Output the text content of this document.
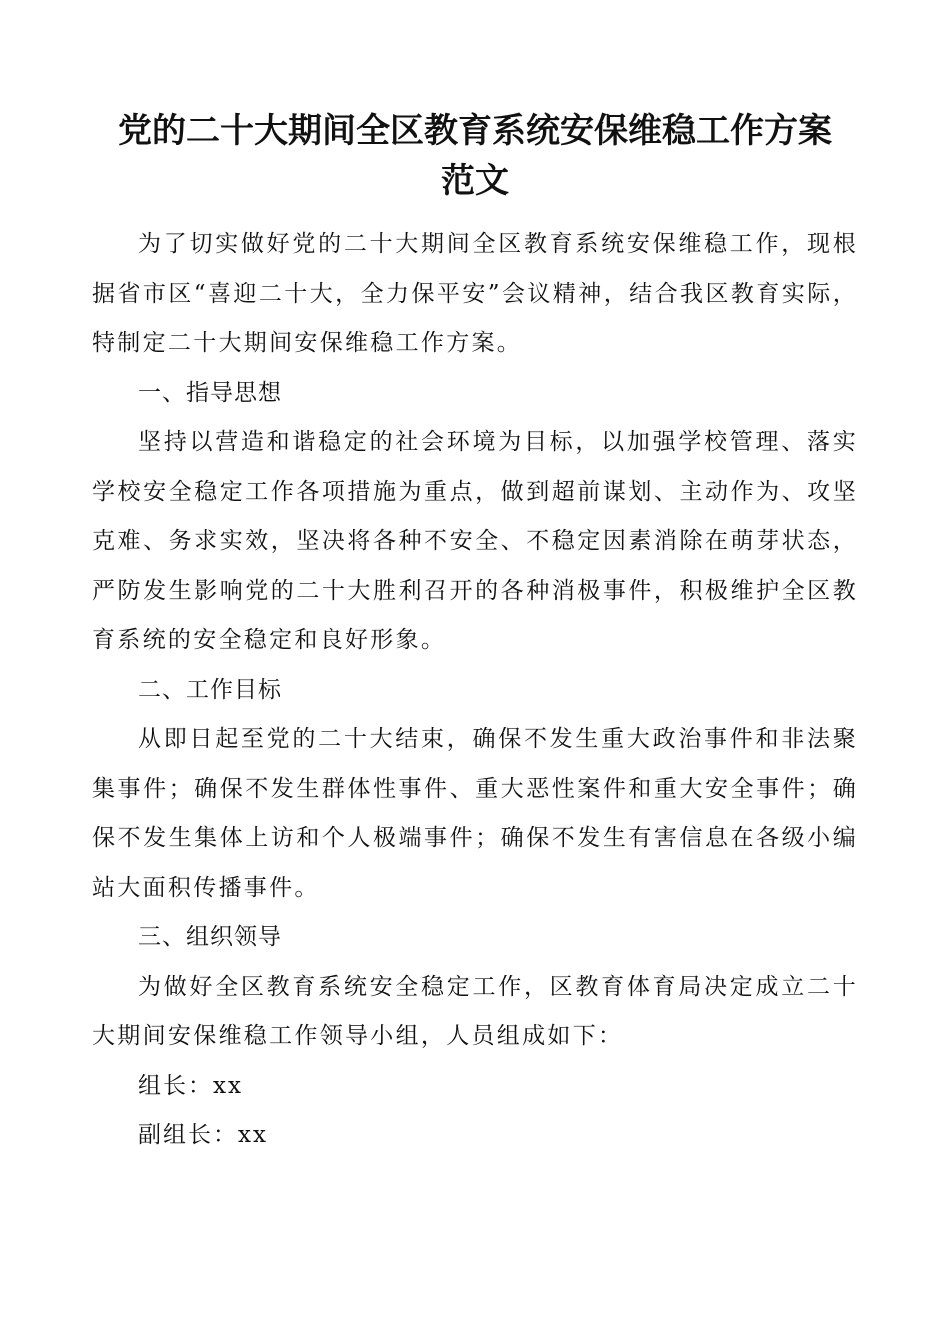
党的二十大期间全区教育系统安保维稳工作方案
范文

为了切实做好党的二十大期间全区教育系统安保维稳工作，现根据省市区“喜迎二十大，全力保平安”会议精神，结合我区教育实际，特制定二十大期间安保维稳工作方案。

一、指导思想

坚持以营造和谐稳定的社会环境为目标，以加强学校管理、落实学校安全稳定工作各项措施为重点，做到超前谋划、主动作为、攻坚克难、务求实效，坚决将各种不安全、不稳定因素消除在萌芽状态，严防发生影响党的二十大胜利召开的各种消极事件，积极维护全区教育系统的安全稳定和良好形象。

二、工作目标

从即日起至党的二十大结束，确保不发生重大政治事件和非法聚集事件；确保不发生群体性事件、重大恶性案件和重大安全事件；确保不发生集体上访和个人极端事件；确保不发生有害信息在各级小编站大面积传播事件。

三、组织领导

为做好全区教育系统安全稳定工作，区教育体育局决定成立二十大期间安保维稳工作领导小组，人员组成如下：

组长：xx

副组长：xx
